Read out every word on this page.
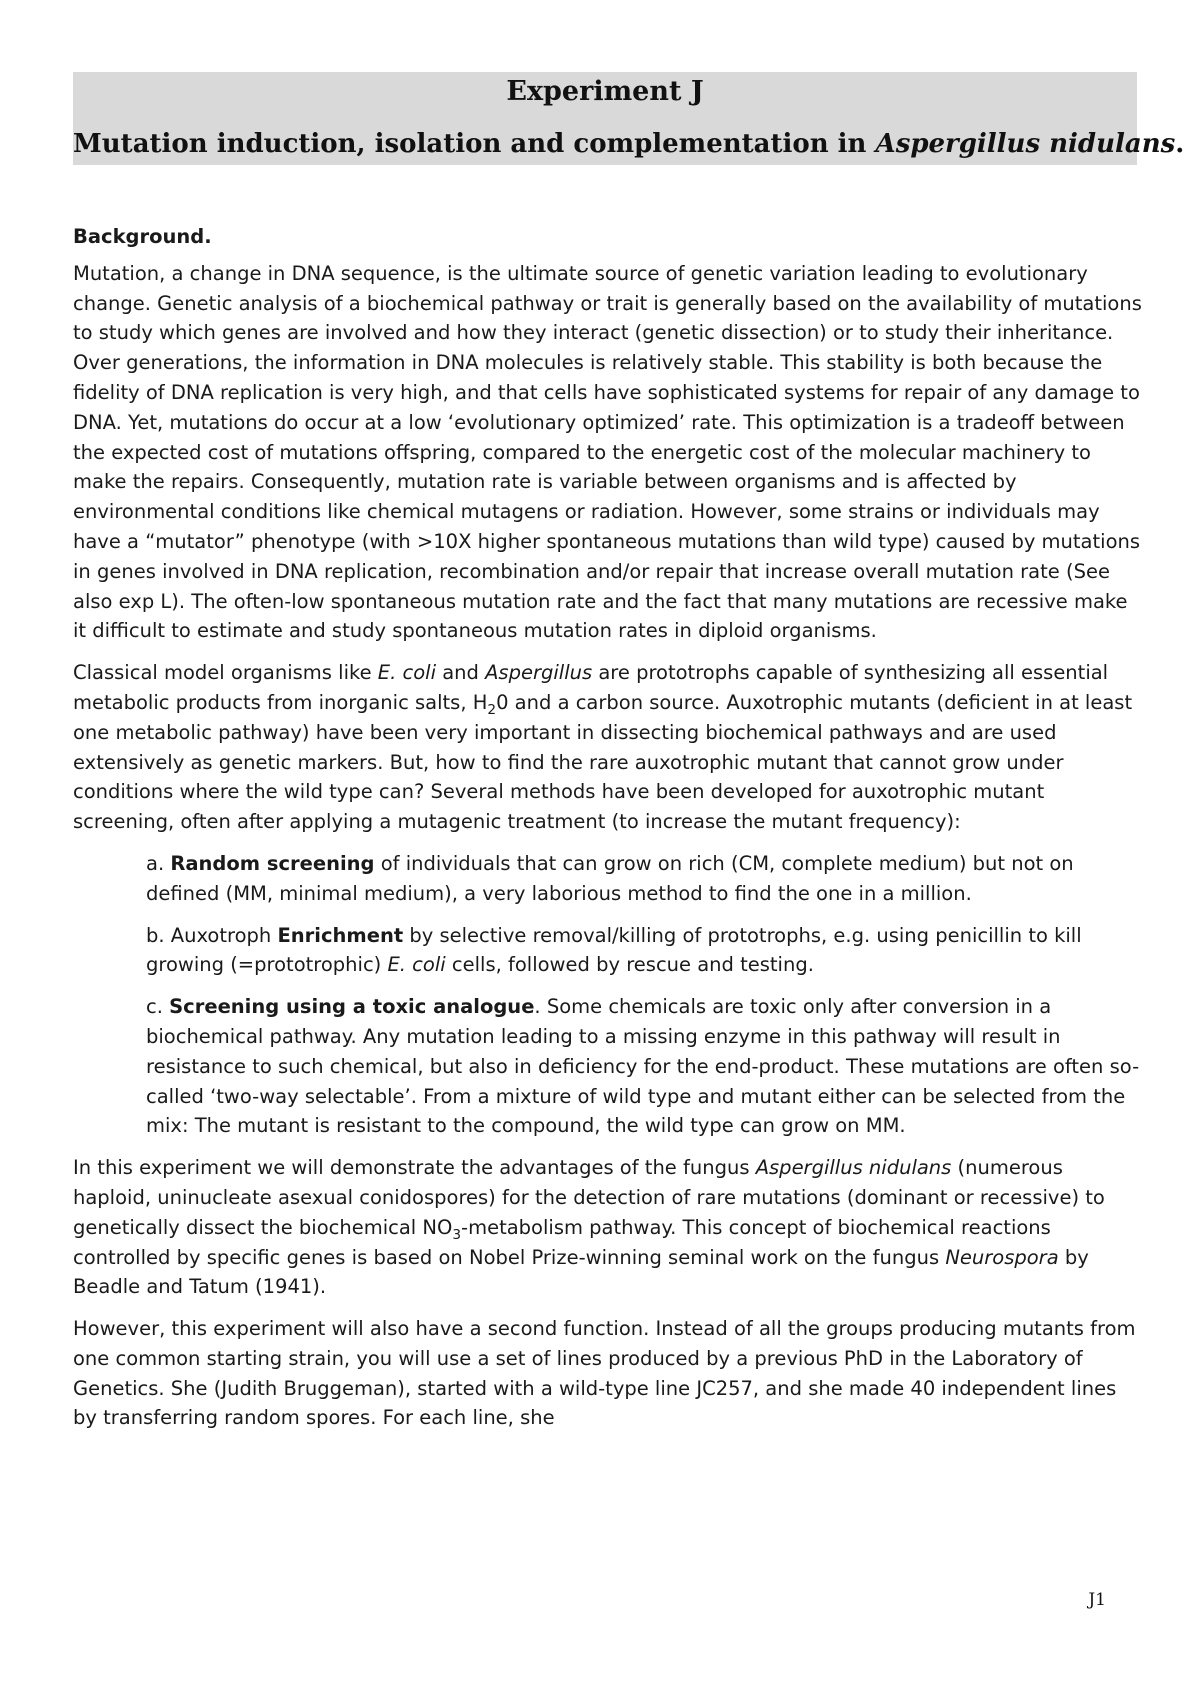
Experiment J
Mutation induction, isolation and complementation in Aspergillus nidulans.
Background.

Mutation, a change in DNA sequence, is the ultimate source of genetic variation leading to evolutionary change. Genetic analysis of a biochemical pathway or trait is generally based on the availability of mutations to study which genes are involved and how they interact (genetic dissection) or to study their inheritance. Over generations, the information in DNA molecules is relatively stable. This stability is both because the fidelity of DNA replication is very high, and that cells have sophisticated systems for repair of any damage to DNA. Yet, mutations do occur at a low ‘evolutionary optimized’ rate. This optimization is a tradeoff between the expected cost of mutations offspring, compared to the energetic cost of the molecular machinery to make the repairs. Consequently, mutation rate is variable between organisms and is affected by environmental conditions like chemical mutagens or radiation. However, some strains or individuals may have a “mutator” phenotype (with >10X higher spontaneous mutations than wild type) caused by mutations in genes involved in DNA replication, recombination and/or repair that increase overall mutation rate (See also exp L). The often-low spontaneous mutation rate and the fact that many mutations are recessive make it difficult to estimate and study spontaneous mutation rates in diploid organisms.

Classical model organisms like E. coli and Aspergillus are prototrophs capable of synthesizing all essential metabolic products from inorganic salts, $H_20$ and a carbon source. Auxotrophic mutants (deficient in at least one metabolic pathway) have been very important in dissecting biochemical pathways and are used extensively as genetic markers. But, how to find the rare auxotrophic mutant that cannot grow under conditions where the wild type can? Several methods have been developed for auxotrophic mutant screening, often after applying a mutagenic treatment (to increase the mutant frequency):

a. Random screening of individuals that can grow on rich (CM, complete medium) but not on defined (MM, minimal medium), a very laborious method to find the one in a million.

b. Auxotroph Enrichment by selective removal/killing of prototrophs, e.g. using penicillin to kill growing (=prototrophic) E. coli cells, followed by rescue and testing.

c. Screening using a toxic analogue. Some chemicals are toxic only after conversion in a biochemical pathway. Any mutation leading to a missing enzyme in this pathway will result in resistance to such chemical, but also in deficiency for the end-product. These mutations are often so-called ‘two-way selectable’. From a mixture of wild type and mutant either can be selected from the mix: The mutant is resistant to the compound, the wild type can grow on MM.

In this experiment we will demonstrate the advantages of the fungus Aspergillus nidulans (numerous haploid, uninucleate asexual conidospores) for the detection of rare mutations (dominant or recessive) to genetically dissect the biochemical $NO_3$-metabolism pathway. This concept of biochemical reactions controlled by specific genes is based on Nobel Prize-winning seminal work on the fungus Neurospora by Beadle and Tatum (1941).

However, this experiment will also have a second function. Instead of all the groups producing mutants from one common starting strain, you will use a set of lines produced by a previous PhD in the Laboratory of Genetics. She (Judith Bruggeman), started with a wild-type line JC257, and she made 40 independent lines by transferring random spores. For each line, she

J1
